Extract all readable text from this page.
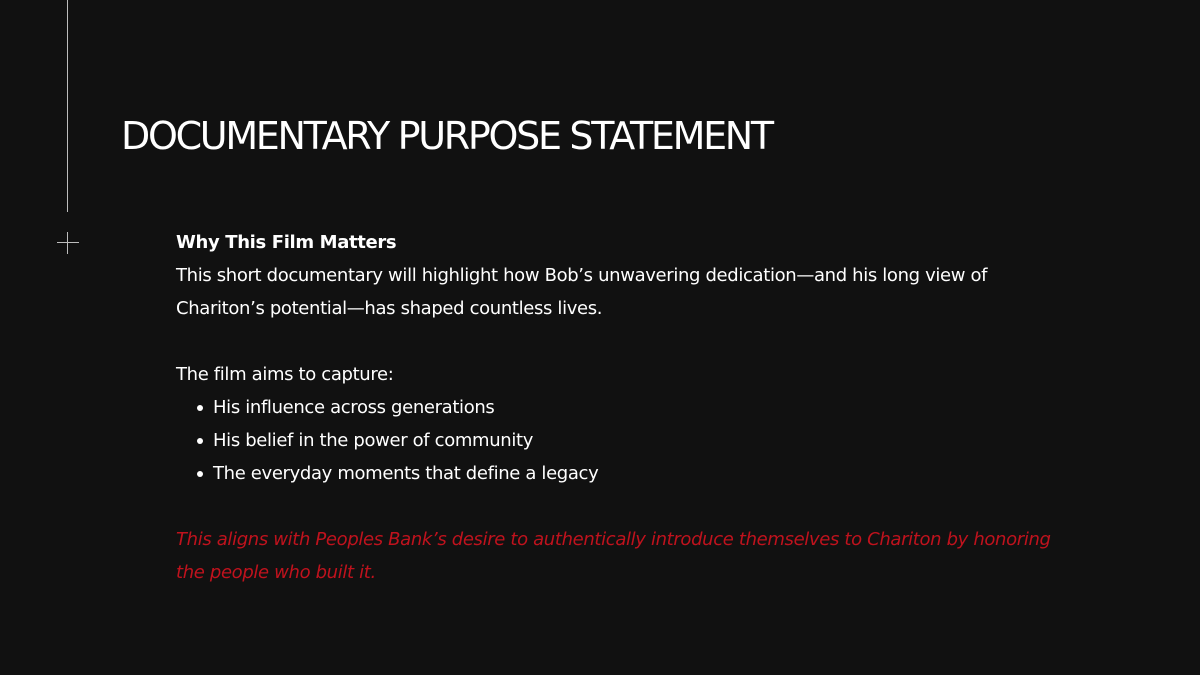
DOCUMENTARY PURPOSE STATEMENT

Why This Film Matters

This short documentary will highlight how Bob’s unwavering dedication—and his long view of Chariton’s potential—has shaped countless lives.

The film aims to capture:

His influence across generations
His belief in the power of community
The everyday moments that define a legacy

This aligns with Peoples Bank’s desire to authentically introduce themselves to Chariton by honoring the people who built it.
